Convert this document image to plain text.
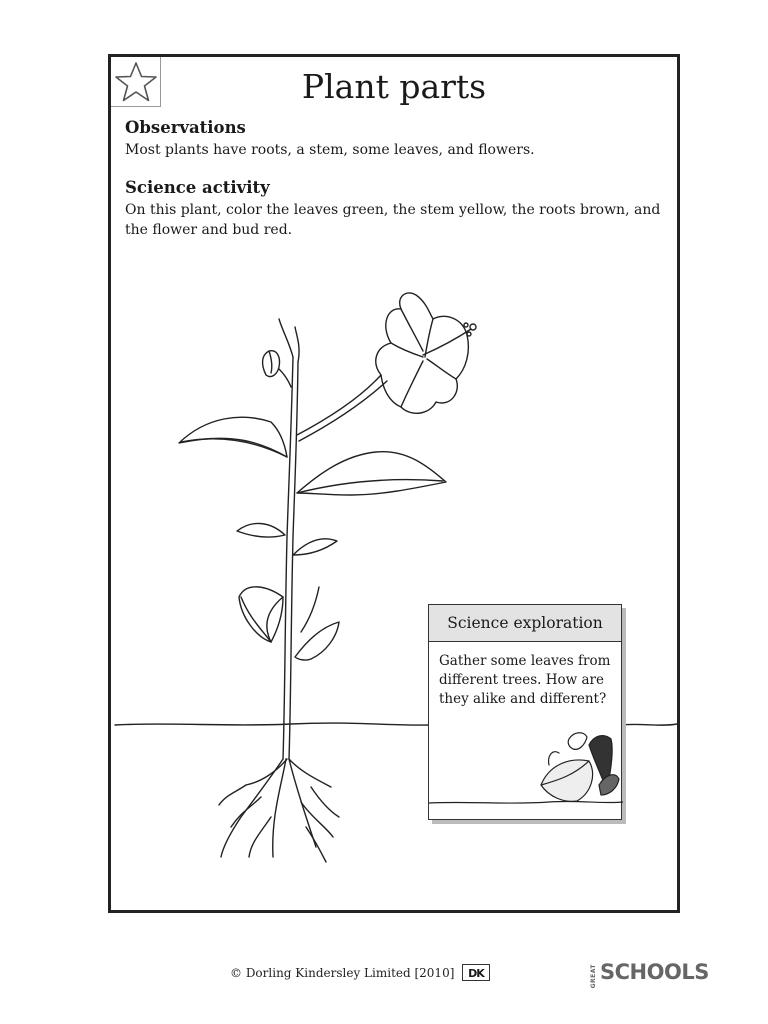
Plant parts
Observations

Most plants have roots, a stem, some leaves, and flowers.

Science activity

On this plant, color the leaves green, the stem yellow, the roots brown, and the flower and bud red.

Science exploration

Gather some leaves from different trees. How are they alike and different?

© Dorling Kindersley Limited [2010]	DK	GREAT SCHOOLS
